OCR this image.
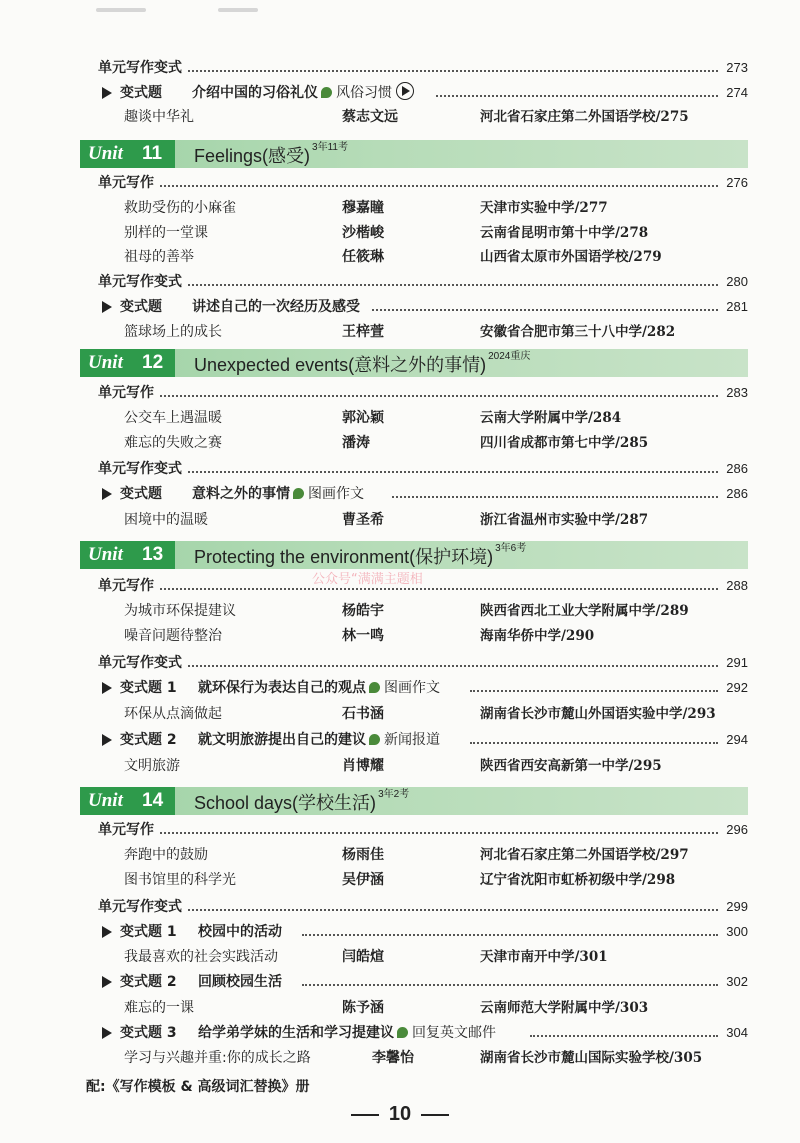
单元写作变式	273
变式题 介绍中国的习俗礼仪 风俗习惯	274
趣谈中华礼	蔡志文远	河北省石家庄第二外国语学校/275
Unit 11 Feelings(感受) $^{3年11考}$
单元写作	276
救助受伤的小麻雀	穆嘉瞳	天津市实验中学/277
别样的一堂课	沙楷峻	云南省昆明市第十中学/278
祖母的善举	任筱琳	山西省太原市外国语学校/279
单元写作变式	280
变式题 讲述自己的一次经历及感受	281
篮球场上的成长	王梓萱	安徽省合肥市第三十八中学/282
Unit 12 Unexpected events(意料之外的事情) $^{2024重庆}$
单元写作	283
公交车上遇温暖	郭沁颖	云南大学附属中学/284
难忘的失败之赛	潘涛	四川省成都市第七中学/285
单元写作变式	286
变式题 意料之外的事情 图画作文	286
困境中的温暖	曹圣希	浙江省温州市实验中学/287
Unit 13 Protecting the environment(保护环境) $^{3年6考}$
公众号“满满主题相
单元写作	288
为城市环保提建议	杨皓宇	陕西省西北工业大学附属中学/289
噪音问题待整治	林一鸣	海南华侨中学/290
单元写作变式	291
变式题 1 就环保行为表达自己的观点 图画作文	292
环保从点滴做起	石书涵	湖南省长沙市麓山外国语实验中学/293
变式题 2 就文明旅游提出自己的建议 新闻报道	294
文明旅游	肖博耀	陕西省西安高新第一中学/295
Unit 14 School days(学校生活) $^{3年2考}$
单元写作	296
奔跑中的鼓励	杨雨佳	河北省石家庄第二外国语学校/297
图书馆里的科学光	吴伊涵	辽宁省沈阳市虹桥初级中学/298
单元写作变式	299
变式题 1 校园中的活动	300
我最喜欢的社会实践活动	闫皓煊	天津市南开中学/301
变式题 2 回顾校园生活	302
难忘的一课	陈予涵	云南师范大学附属中学/303
变式题 3 给学弟学妹的生活和学习提建议 回复英文邮件	304
学习与兴趣并重:你的成长之路	李馨怡	湖南省长沙市麓山国际实验学校/305
配:《写作模板 & 高级词汇替换》册
10
